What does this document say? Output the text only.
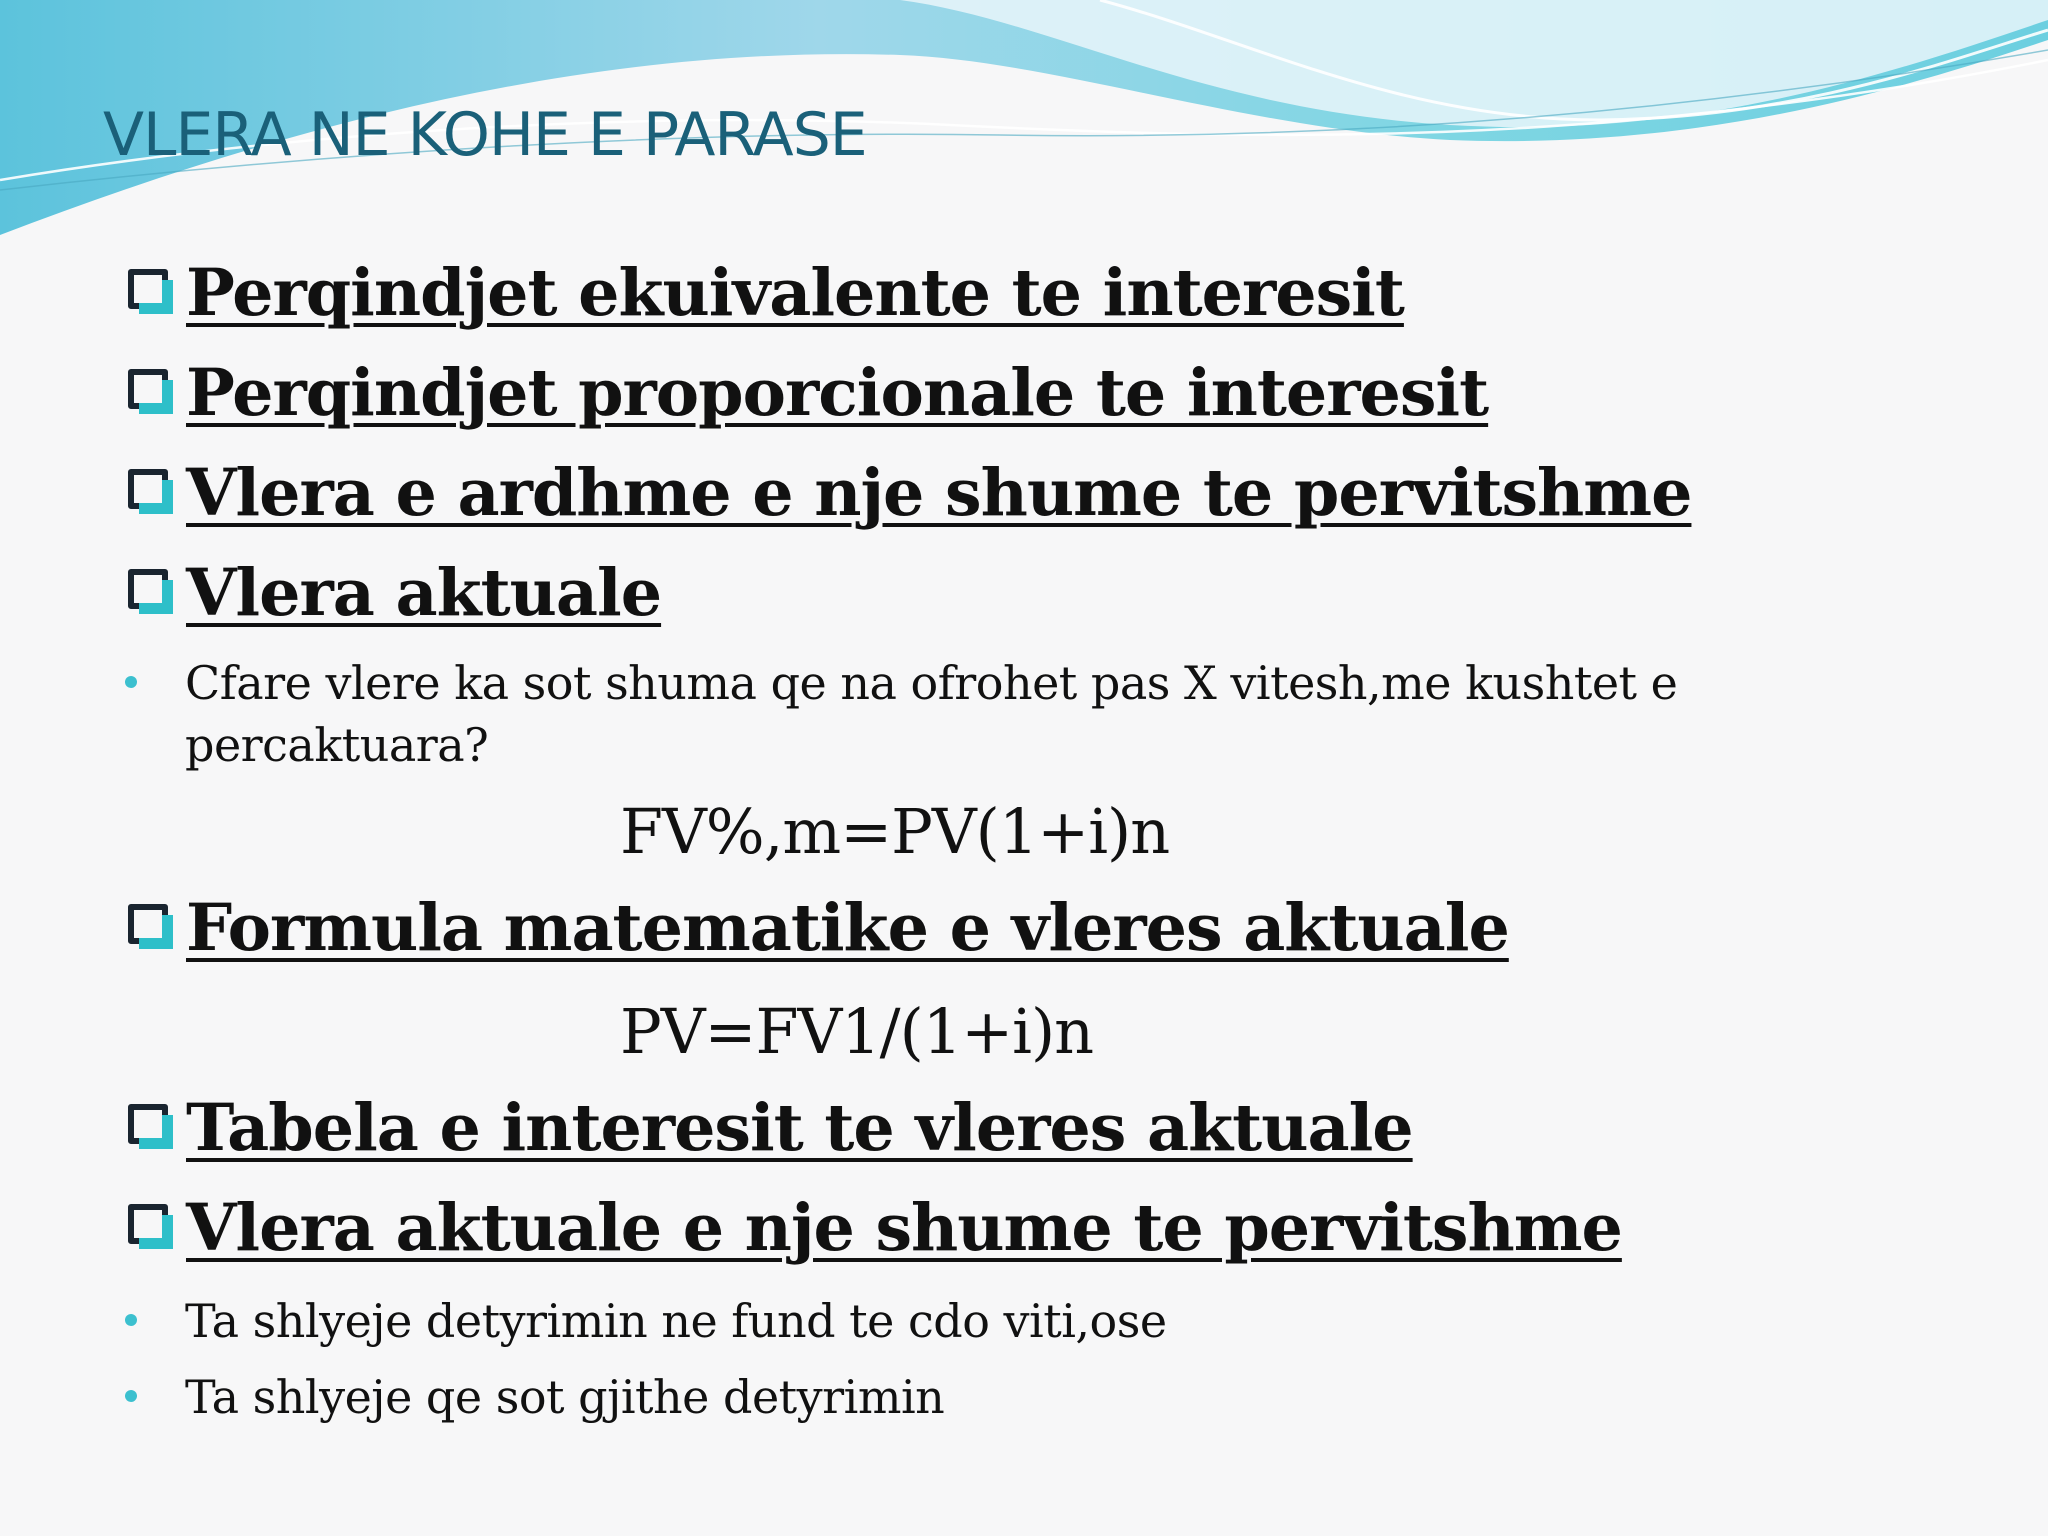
VLERA NE KOHE E PARASE
Perqindjet ekuivalente te interesit
Perqindjet proporcionale te interesit
Vlera e ardhme e nje shume te pervitshme
Vlera aktuale
Cfare vlere ka sot shuma qe na ofrohet pas X vitesh,me kushtet e percaktuara?
FV%,m=PV(1+i)n
Formula matematike e vleres aktuale
PV=FV1/(1+i)n
Tabela e interesit te vleres aktuale
Vlera aktuale e nje shume te pervitshme
Ta shlyeje detyrimin ne fund te cdo viti,ose
Ta shlyeje qe sot gjithe detyrimin
